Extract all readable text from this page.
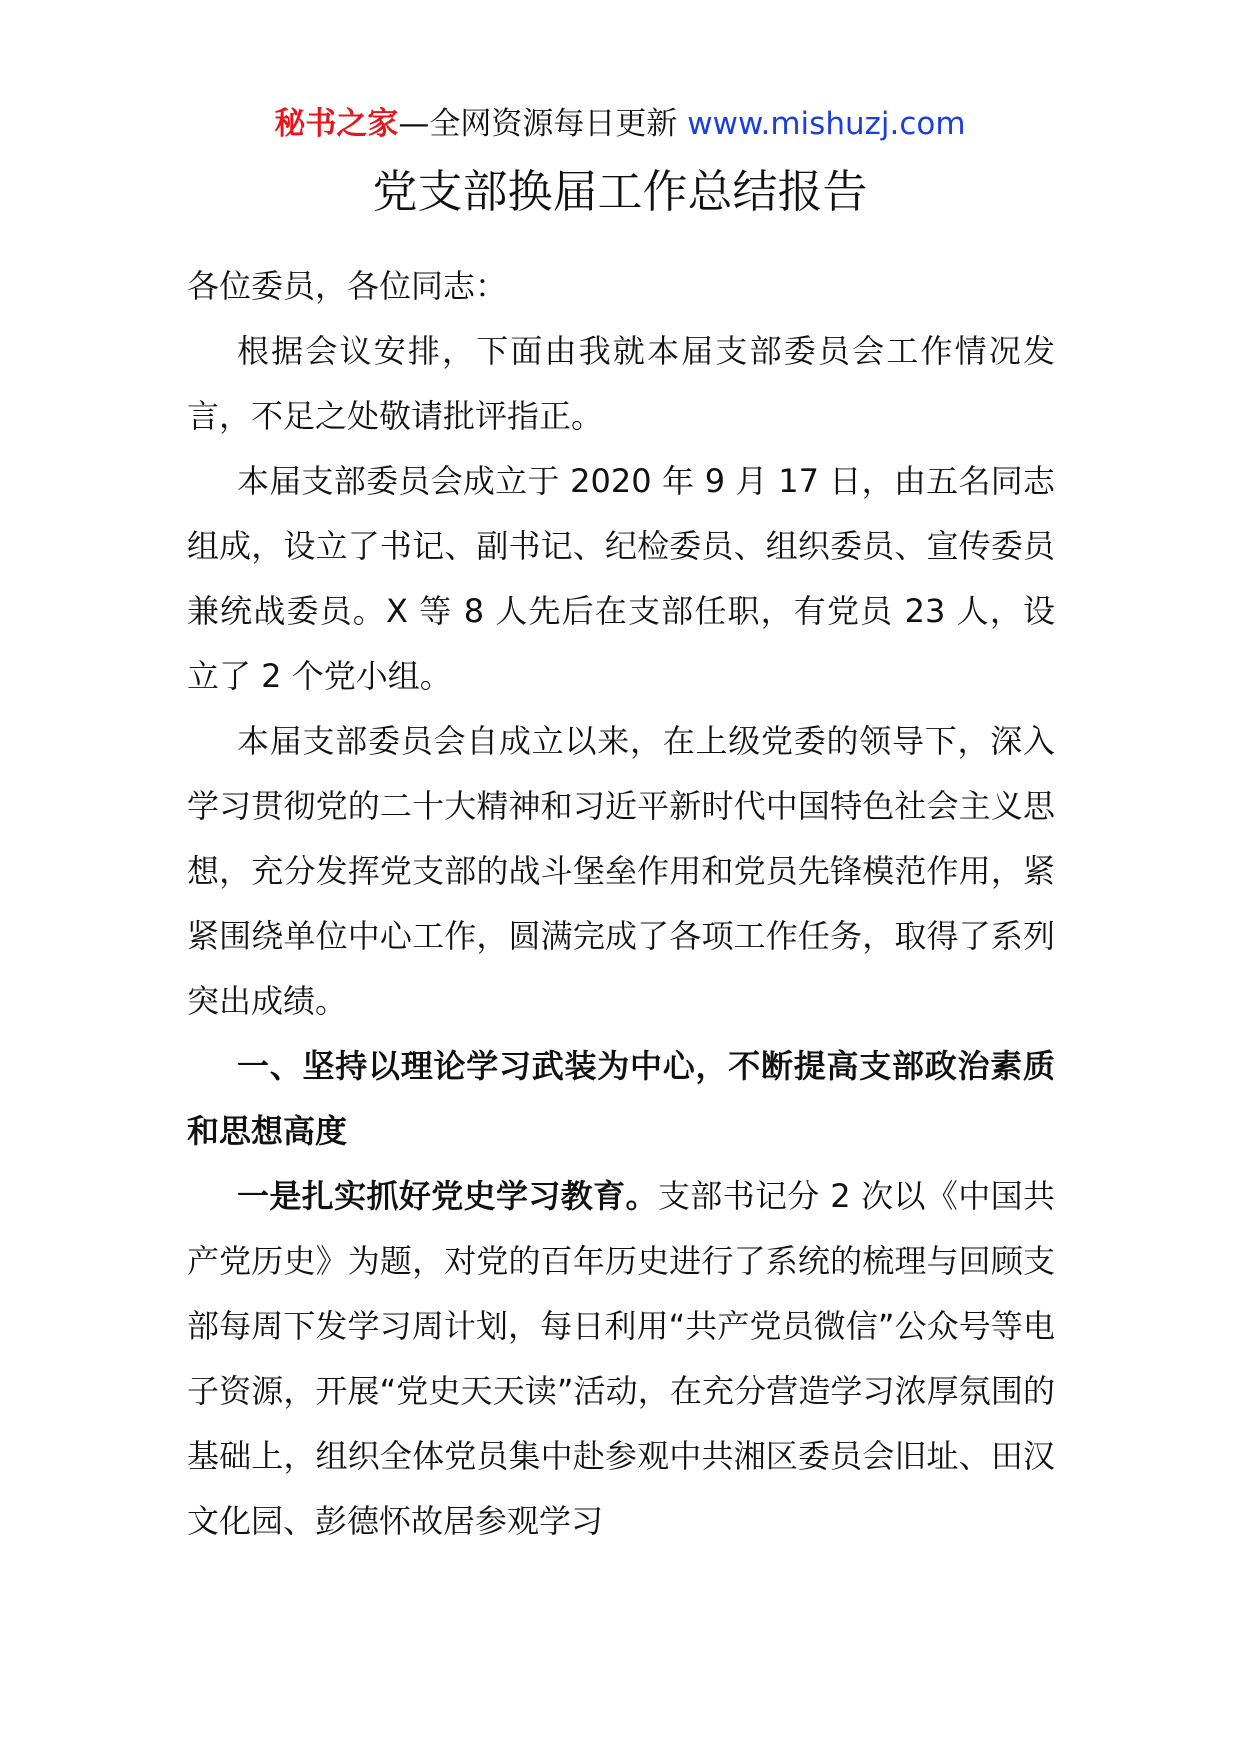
秘书之家—全网资源每日更新 www.mishuzj.com
党支部换届工作总结报告

各位委员，各位同志：

根据会议安排，下面由我就本届支部委员会工作情况发言，不足之处敬请批评指正。

本届支部委员会成立于 2020 年 9 月 17 日，由五名同志组成，设立了书记、副书记、纪检委员、组织委员、宣传委员兼统战委员。X 等 8 人先后在支部任职，有党员 23 人，设立了 2 个党小组。

本届支部委员会自成立以来，在上级党委的领导下，深入学习贯彻党的二十大精神和习近平新时代中国特色社会主义思想，充分发挥党支部的战斗堡垒作用和党员先锋模范作用，紧紧围绕单位中心工作，圆满完成了各项工作任务，取得了系列突出成绩。

一、坚持以理论学习武装为中心，不断提高支部政治素质和思想高度

一是扎实抓好党史学习教育。支部书记分 2 次以《中国共产党历史》为题，对党的百年历史进行了系统的梳理与回顾支部每周下发学习周计划，每日利用“共产党员微信”公众号等电子资源，开展“党史天天读”活动，在充分营造学习浓厚氛围的基础上，组织全体党员集中赴参观中共湘区委员会旧址、田汉文化园、彭德怀故居参观学习
